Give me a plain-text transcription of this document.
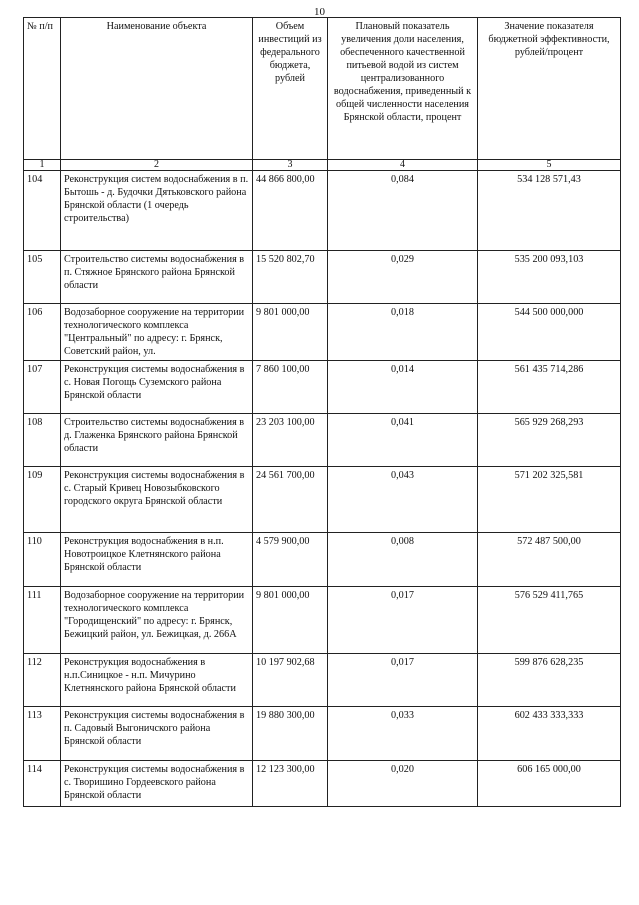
10
№ п/п	Наименование объекта	Объем инвестиций из федерального бюджета, рублей	Плановый показатель увеличения доли населения, обеспеченного качественной питьевой водой из систем централизованного водоснабжения, приведенный к общей численности населения Брянской области, процент	Значение показателя бюджетной эффективности, рублей/процент
1	2	3	4	5
104	Реконструкция систем водоснабжения в п. Бытошь - д. Будочки Дятьковского района Брянской области (1 очередь строительства)	44 866 800,00	0,084	534 128 571,43
105	Строительство системы водоснабжения в п. Стяжное Брянского района Брянской области	15 520 802,70	0,029	535 200 093,103
106	Водозаборное сооружение на территории технологического комплекса "Центральный" по адресу: г. Брянск, Советский район, ул.	9 801 000,00	0,018	544 500 000,000
107	Реконструкция системы водоснабжения в с. Новая Погощь Суземского района Брянской области	7 860 100,00	0,014	561 435 714,286
108	Строительство системы водоснабжения в д. Глаженка Брянского района Брянской области	23 203 100,00	0,041	565 929 268,293
109	Реконструкция системы водоснабжения в с. Старый Кривец Новозыбковского городского округа Брянской области	24 561 700,00	0,043	571 202 325,581
110	Реконструкция водоснабжения в н.п. Новотроицкое Клетнянского района Брянской области	4 579 900,00	0,008	572 487 500,00
111	Водозаборное сооружение на территории технологического комплекса "Городищенский" по адресу: г. Брянск, Бежицкий район, ул. Бежицкая, д. 266А	9 801 000,00	0,017	576 529 411,765
112	Реконструкция водоснабжения в н.п.Синицкое - н.п. Мичурино Клетнянского района Брянской области	10 197 902,68	0,017	599 876 628,235
113	Реконструкция системы водоснабжения в п. Садовый Выгоничского района Брянской области	19 880 300,00	0,033	602 433 333,333
114	Реконструкция системы водоснабжения в с. Творишино Гордеевского района Брянской области	12 123 300,00	0,020	606 165 000,00
